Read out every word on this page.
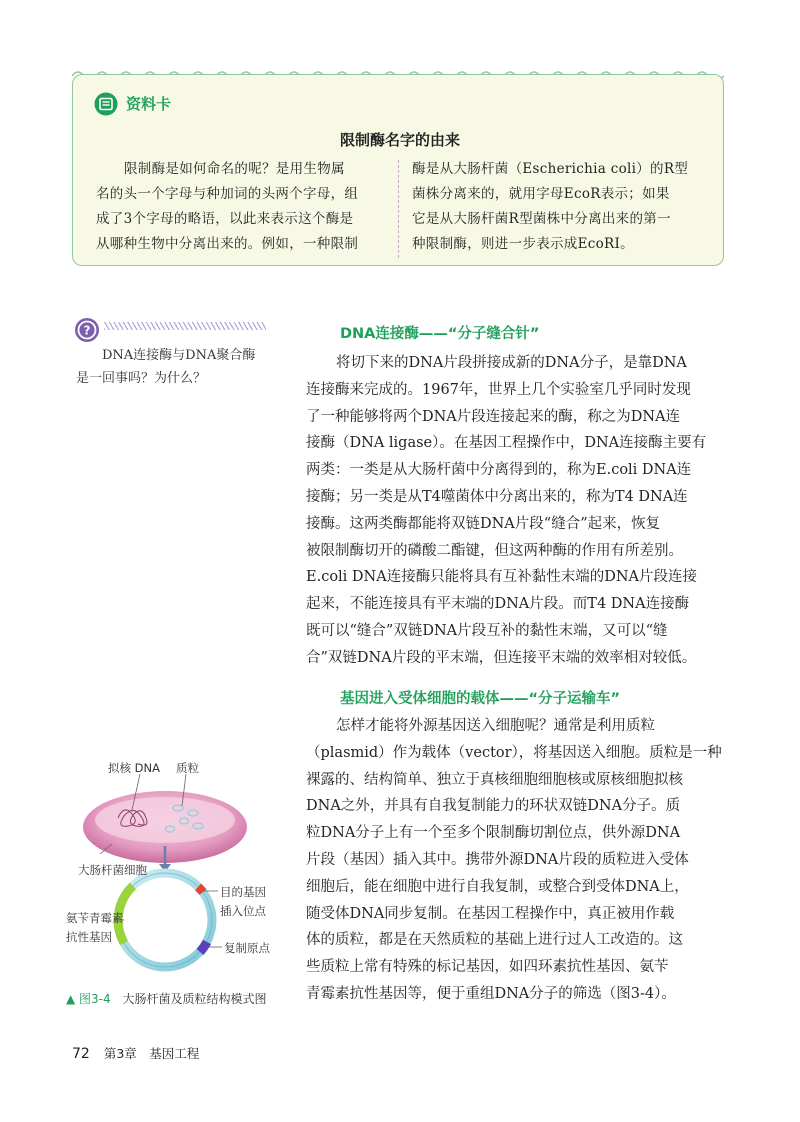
资料卡
限制酶名字的由来
限制酶是如何命名的呢？是用生物属
名的头一个字母与种加词的头两个字母，组
成了3个字母的略语，以此来表示这个酶是
从哪种生物中分离出来的。例如，一种限制
酶是从大肠杆菌（Escherichia coli）的R型
菌株分离来的，就用字母EcoR表示；如果
它是从大肠杆菌R型菌株中分离出来的第一
种限制酶，则进一步表示成EcoRⅠ。
?
DNA连接酶与DNA聚合酶
是一回事吗？为什么？
DNA连接酶——“分子缝合针”
将切下来的DNA片段拼接成新的DNA分子，是靠DNA
连接酶来完成的。1967年，世界上几个实验室几乎同时发现
了一种能够将两个DNA片段连接起来的酶，称之为DNA连
接酶（DNA ligase）。在基因工程操作中，DNA连接酶主要有
两类：一类是从大肠杆菌中分离得到的，称为E.coli DNA连
接酶；另一类是从T4噬菌体中分离出来的，称为T4 DNA连
接酶。这两类酶都能将双链DNA片段“缝合”起来，恢复
被限制酶切开的磷酸二酯键，但这两种酶的作用有所差别。
E.coli DNA连接酶只能将具有互补黏性末端的DNA片段连接
起来，不能连接具有平末端的DNA片段。而T4 DNA连接酶
既可以“缝合”双链DNA片段互补的黏性末端，又可以“缝
合”双链DNA片段的平末端，但连接平末端的效率相对较低。
基因进入受体细胞的载体——“分子运输车”
怎样才能将外源基因送入细胞呢？通常是利用质粒
（plasmid）作为载体（vector），将基因送入细胞。质粒是一种
裸露的、结构简单、独立于真核细胞细胞核或原核细胞拟核
DNA之外，并具有自我复制能力的环状双链DNA分子。质
粒DNA分子上有一个至多个限制酶切割位点，供外源DNA
片段（基因）插入其中。携带外源DNA片段的质粒进入受体
细胞后，能在细胞中进行自我复制，或整合到受体DNA上，
随受体DNA同步复制。在基因工程操作中，真正被用作载
体的质粒，都是在天然质粒的基础上进行过人工改造的。这
些质粒上常有特殊的标记基因，如四环素抗性基因、氨苄
青霉素抗性基因等，便于重组DNA分子的筛选（图3-4）。
拟核 DNA 质粒
大肠杆菌细胞
目的基因
插入位点
氨苄青霉素
抗性基因
复制原点
▲ 图3-4 大肠杆菌及质粒结构模式图
72 第3章　基因工程
